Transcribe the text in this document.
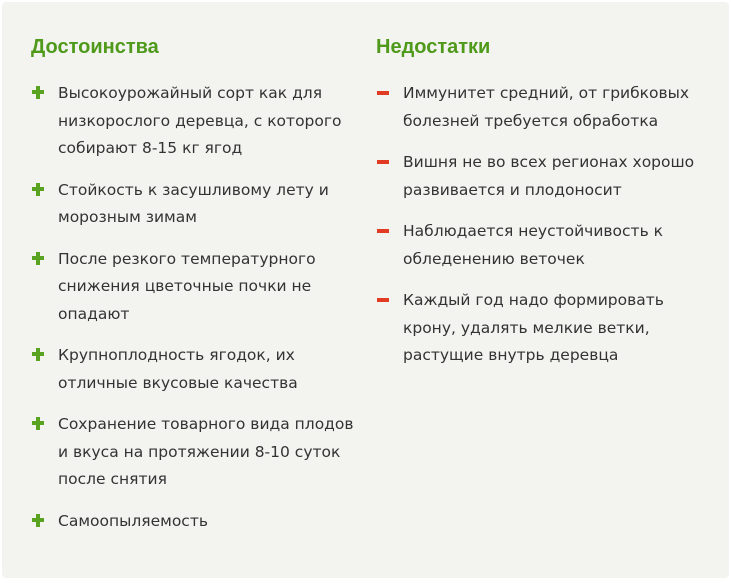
Достоинства
Высокоурожайный сорт как для низкорослого деревца, с которого собирают 8-15 кг ягод
Стойкость к засушливому лету и морозным зимам
После резкого температурного снижения цветочные почки не опадают
Крупноплодность ягодок, их отличные вкусовые качества
Сохранение товарного вида плодов и вкуса на протяжении 8-10 суток после снятия
Самоопыляемость
Недостатки
Иммунитет средний, от грибковых болезней требуется обработка
Вишня не во всех регионах хорошо развивается и плодоносит
Наблюдается неустойчивость к обледенению веточек
Каждый год надо формировать крону, удалять мелкие ветки, растущие внутрь деревца
